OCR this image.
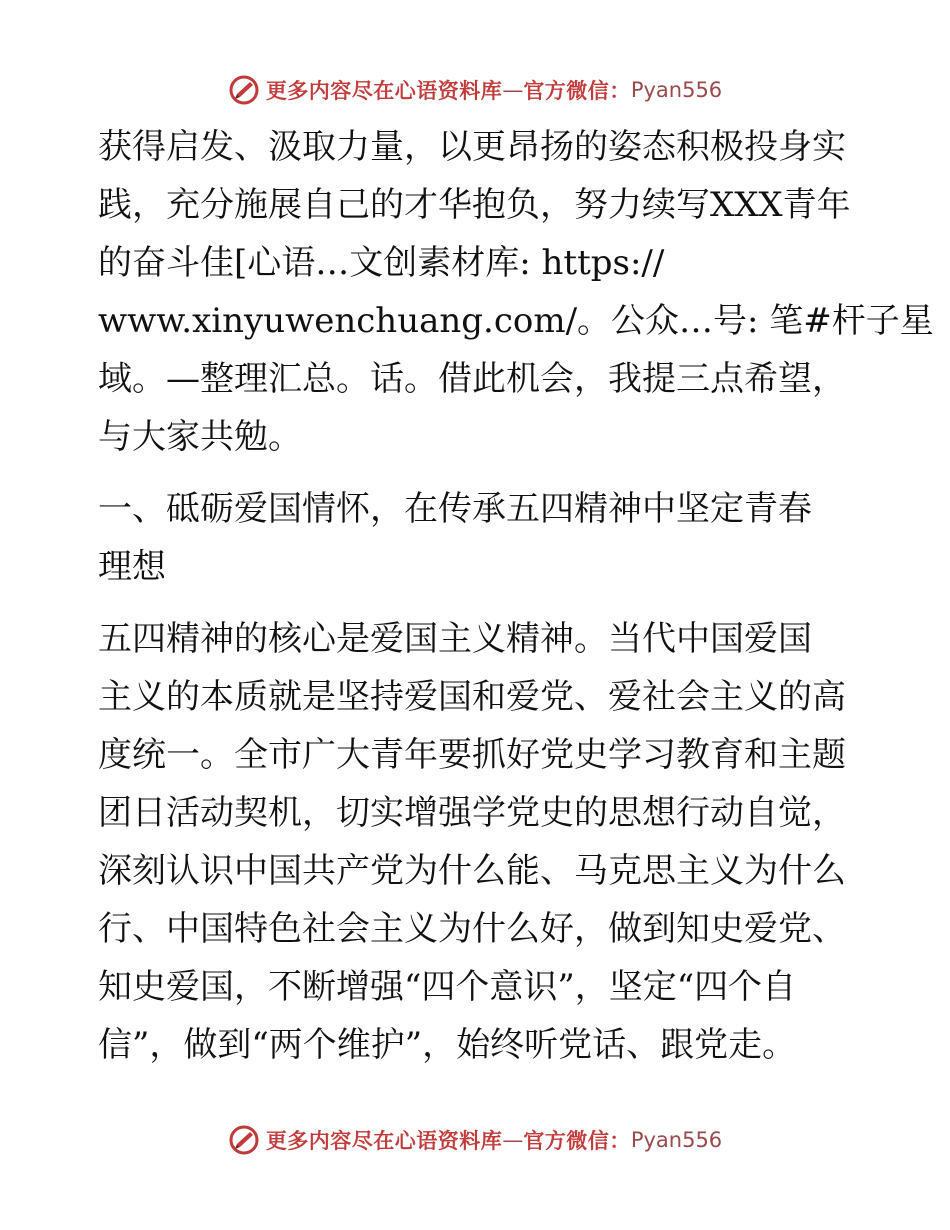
更多内容尽在心语资料库 — 官方微信： Pyan556
获得启发、汲取力量，以更昂扬的姿态积极投身实
践，充分施展自己的才华抱负，努力续写XXX青年
的奋斗佳[心语…文创素材库: https://
www.xinyuwenchuang.com/。公众…号: 笔#杆子星
域。—整理汇总。话。借此机会，我提三点希望，
与大家共勉。
一、砥砺爱国情怀，在传承五四精神中坚定青春
理想
五四精神的核心是爱国主义精神。当代中国爱国
主义的本质就是坚持爱国和爱党、爱社会主义的高
度统一。全市广大青年要抓好党史学习教育和主题
团日活动契机，切实增强学党史的思想行动自觉，
深刻认识中国共产党为什么能、马克思主义为什么
行、中国特色社会主义为什么好，做到知史爱党、
知史爱国，不断增强“四个意识”，坚定“四个自
信”，做到“两个维护”，始终听党话、跟党走。
更多内容尽在心语资料库 — 官方微信： Pyan556
